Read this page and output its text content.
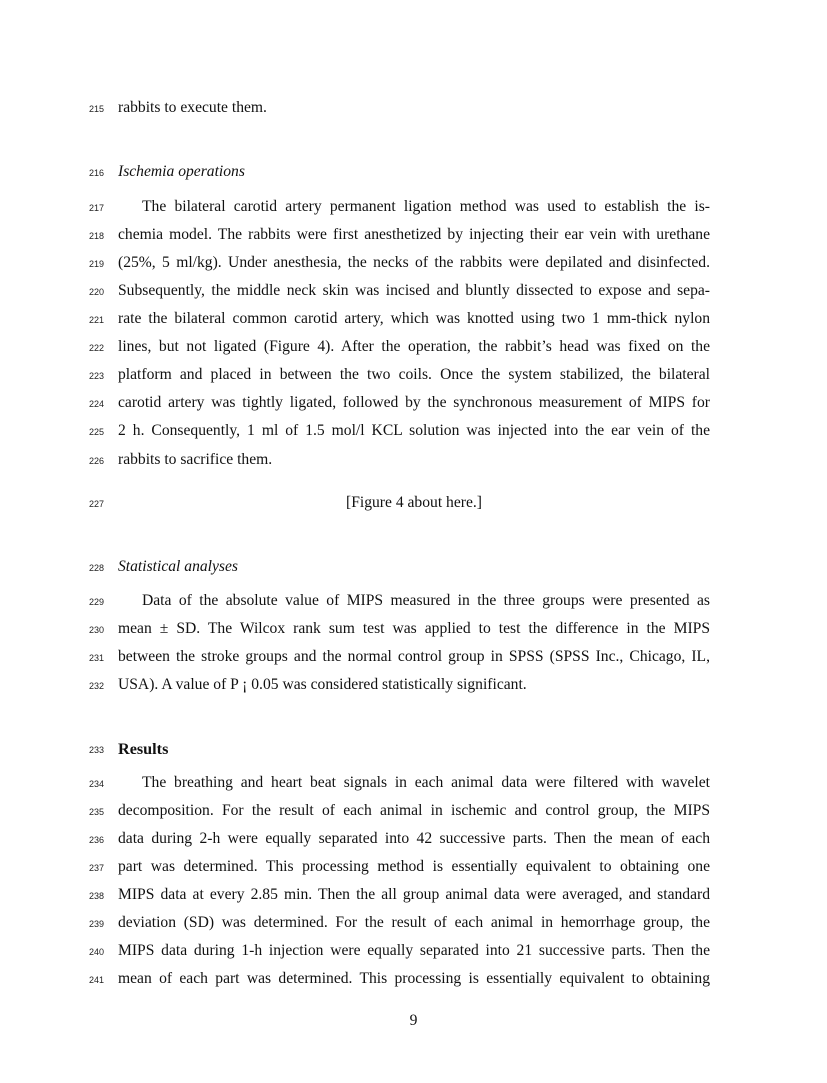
215 rabbits to execute them.
216 Ischemia operations
217	The bilateral carotid artery permanent ligation method was used to establish the is-
218 chemia model. The rabbits were first anesthetized by injecting their ear vein with urethane
219 (25%, 5 ml/kg). Under anesthesia, the necks of the rabbits were depilated and disinfected.
220 Subsequently, the middle neck skin was incised and bluntly dissected to expose and sepa-
221 rate the bilateral common carotid artery, which was knotted using two 1 mm-thick nylon
222 lines, but not ligated (Figure 4). After the operation, the rabbit’s head was fixed on the
223 platform and placed in between the two coils. Once the system stabilized, the bilateral
224 carotid artery was tightly ligated, followed by the synchronous measurement of MIPS for
225 2 h. Consequently, 1 ml of 1.5 mol/l KCL solution was injected into the ear vein of the
226 rabbits to sacrifice them.
227	[Figure 4 about here.]
228 Statistical analyses
229	Data of the absolute value of MIPS measured in the three groups were presented as
230 mean ± SD. The Wilcox rank sum test was applied to test the difference in the MIPS
231 between the stroke groups and the normal control group in SPSS (SPSS Inc., Chicago, IL,
232 USA). A value of P ¡ 0.05 was considered statistically significant.
233 Results
234	The breathing and heart beat signals in each animal data were filtered with wavelet
235 decomposition. For the result of each animal in ischemic and control group, the MIPS
236 data during 2-h were equally separated into 42 successive parts. Then the mean of each
237 part was determined. This processing method is essentially equivalent to obtaining one
238 MIPS data at every 2.85 min. Then the all group animal data were averaged, and standard
239 deviation (SD) was determined. For the result of each animal in hemorrhage group, the
240 MIPS data during 1-h injection were equally separated into 21 successive parts. Then the
241 mean of each part was determined. This processing is essentially equivalent to obtaining
9
